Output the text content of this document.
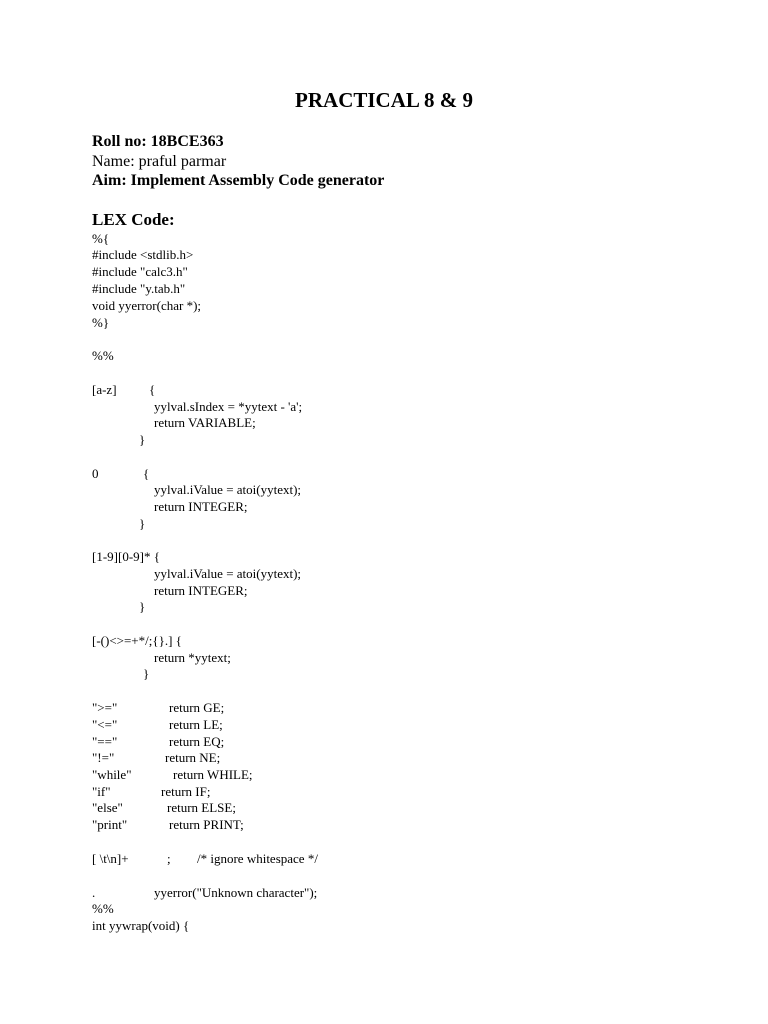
PRACTICAL 8 & 9
Roll no: 18BCE363
Name: praful parmar
Aim: Implement Assembly Code generator
LEX Code:
%{
#include <stdlib.h>
#include "calc3.h"
#include "y.tab.h"
void yyerror(char *);
%}
%%
[a-z] {
yylval.sIndex = *yytext - 'a';
return VARIABLE;
}
0	{
yylval.iValue = atoi(yytext);
return INTEGER;
}
[1-9][0-9]* {
yylval.iValue = atoi(yytext);
return INTEGER;
}
[-()<>=+*/;{}.] {
return *yytext;
}
">="	return GE;
"<="	return LE;
"=="	return EQ;
"!="	return NE;
"while"	return WHILE;
"if"	return IF;
"else"	return ELSE;
"print"	return PRINT;
[ \t\n]+	; /* ignore whitespace */
.	yyerror("Unknown character");
%%
int yywrap(void) {
